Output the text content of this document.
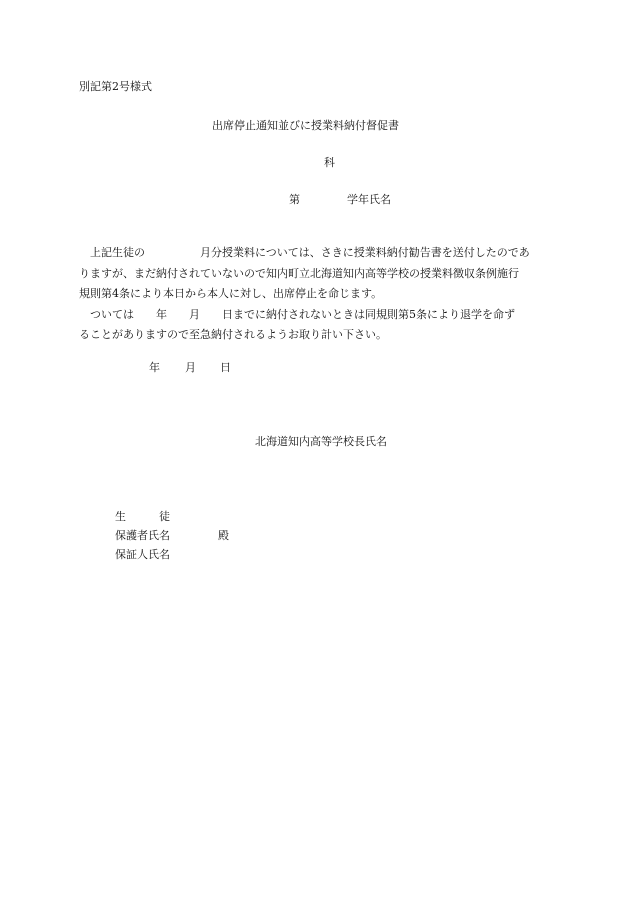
別記第2号様式
出席停止通知並びに授業料納付督促書
科
第	学年氏名
　上記生徒の　　　　　月分授業料については、さきに授業料納付勧告書を送付したのであ
りますが、まだ納付されていないので知内町立北海道知内高等学校の授業料徴収条例施行
規則第4条により本日から本人に対し、出席停止を命じます。
　ついては　　年　　月　　日までに納付されないときは同規則第5条により退学を命ず
ることがありますので至急納付されるようお取り計い下さい。
年 月 日
北海道知内高等学校長氏名
生　　　徒
保護者氏名	殿
保証人氏名
